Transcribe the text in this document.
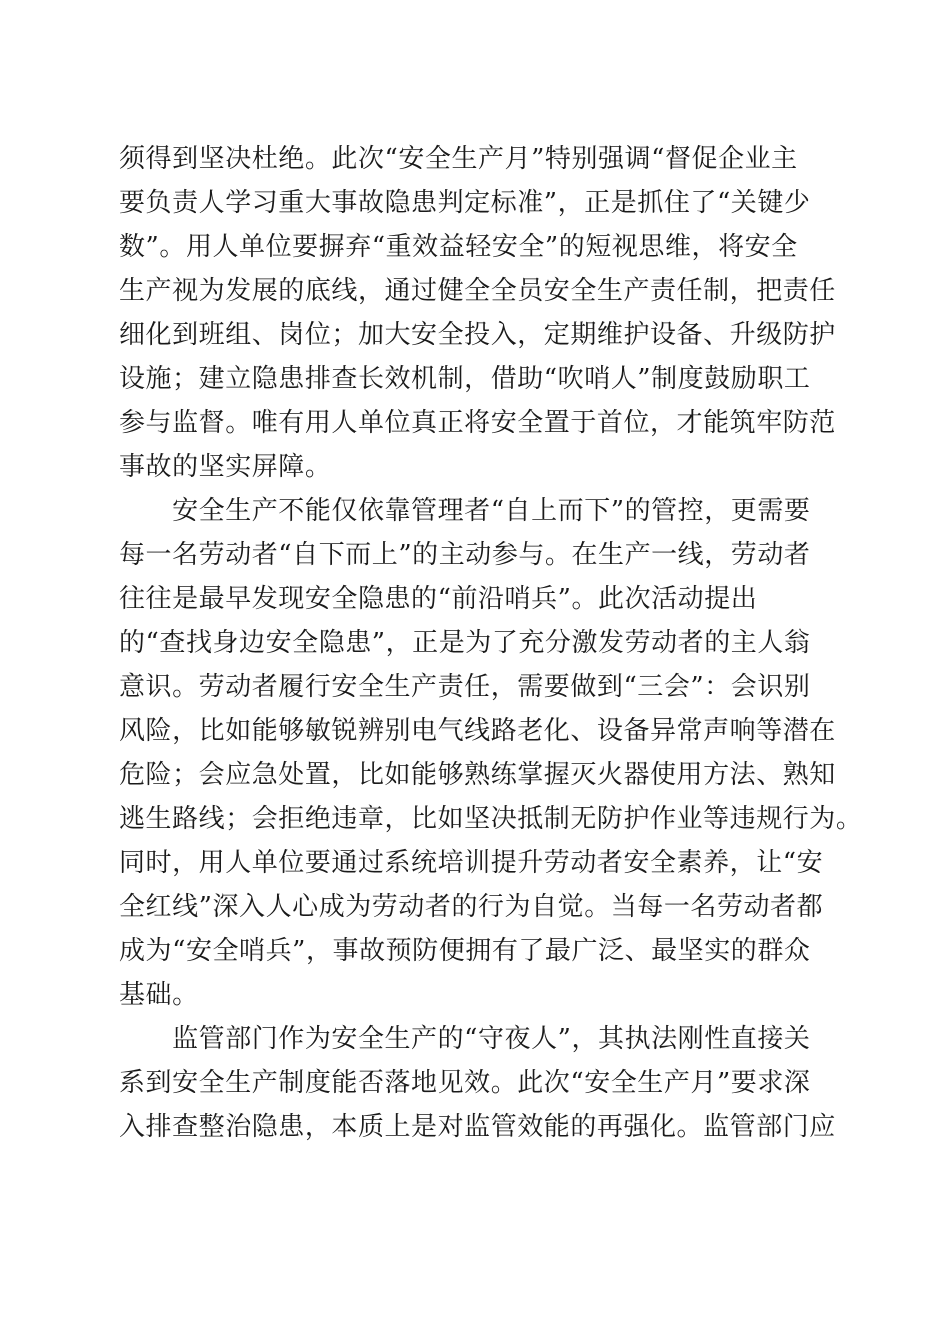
须得到坚决杜绝。此次“安全生产月”特别强调“督促企业主
要负责人学习重大事故隐患判定标准”，正是抓住了“关键少
数”。用人单位要摒弃“重效益轻安全”的短视思维，将安全
生产视为发展的底线，通过健全全员安全生产责任制，把责任
细化到班组、岗位；加大安全投入，定期维护设备、升级防护
设施；建立隐患排查长效机制，借助“吹哨人”制度鼓励职工
参与监督。唯有用人单位真正将安全置于首位，才能筑牢防范
事故的坚实屏障。
　　安全生产不能仅依靠管理者“自上而下”的管控，更需要
每一名劳动者“自下而上”的主动参与。在生产一线，劳动者
往往是最早发现安全隐患的“前沿哨兵”。此次活动提出
的“查找身边安全隐患”，正是为了充分激发劳动者的主人翁
意识。劳动者履行安全生产责任，需要做到“三会”：会识别
风险，比如能够敏锐辨别电气线路老化、设备异常声响等潜在
危险；会应急处置，比如能够熟练掌握灭火器使用方法、熟知
逃生路线；会拒绝违章，比如坚决抵制无防护作业等违规行为。
同时，用人单位要通过系统培训提升劳动者安全素养，让“安
全红线”深入人心成为劳动者的行为自觉。当每一名劳动者都
成为“安全哨兵”，事故预防便拥有了最广泛、最坚实的群众
基础。
　　监管部门作为安全生产的“守夜人”，其执法刚性直接关
系到安全生产制度能否落地见效。此次“安全生产月”要求深
入排查整治隐患，本质上是对监管效能的再强化。监管部门应
